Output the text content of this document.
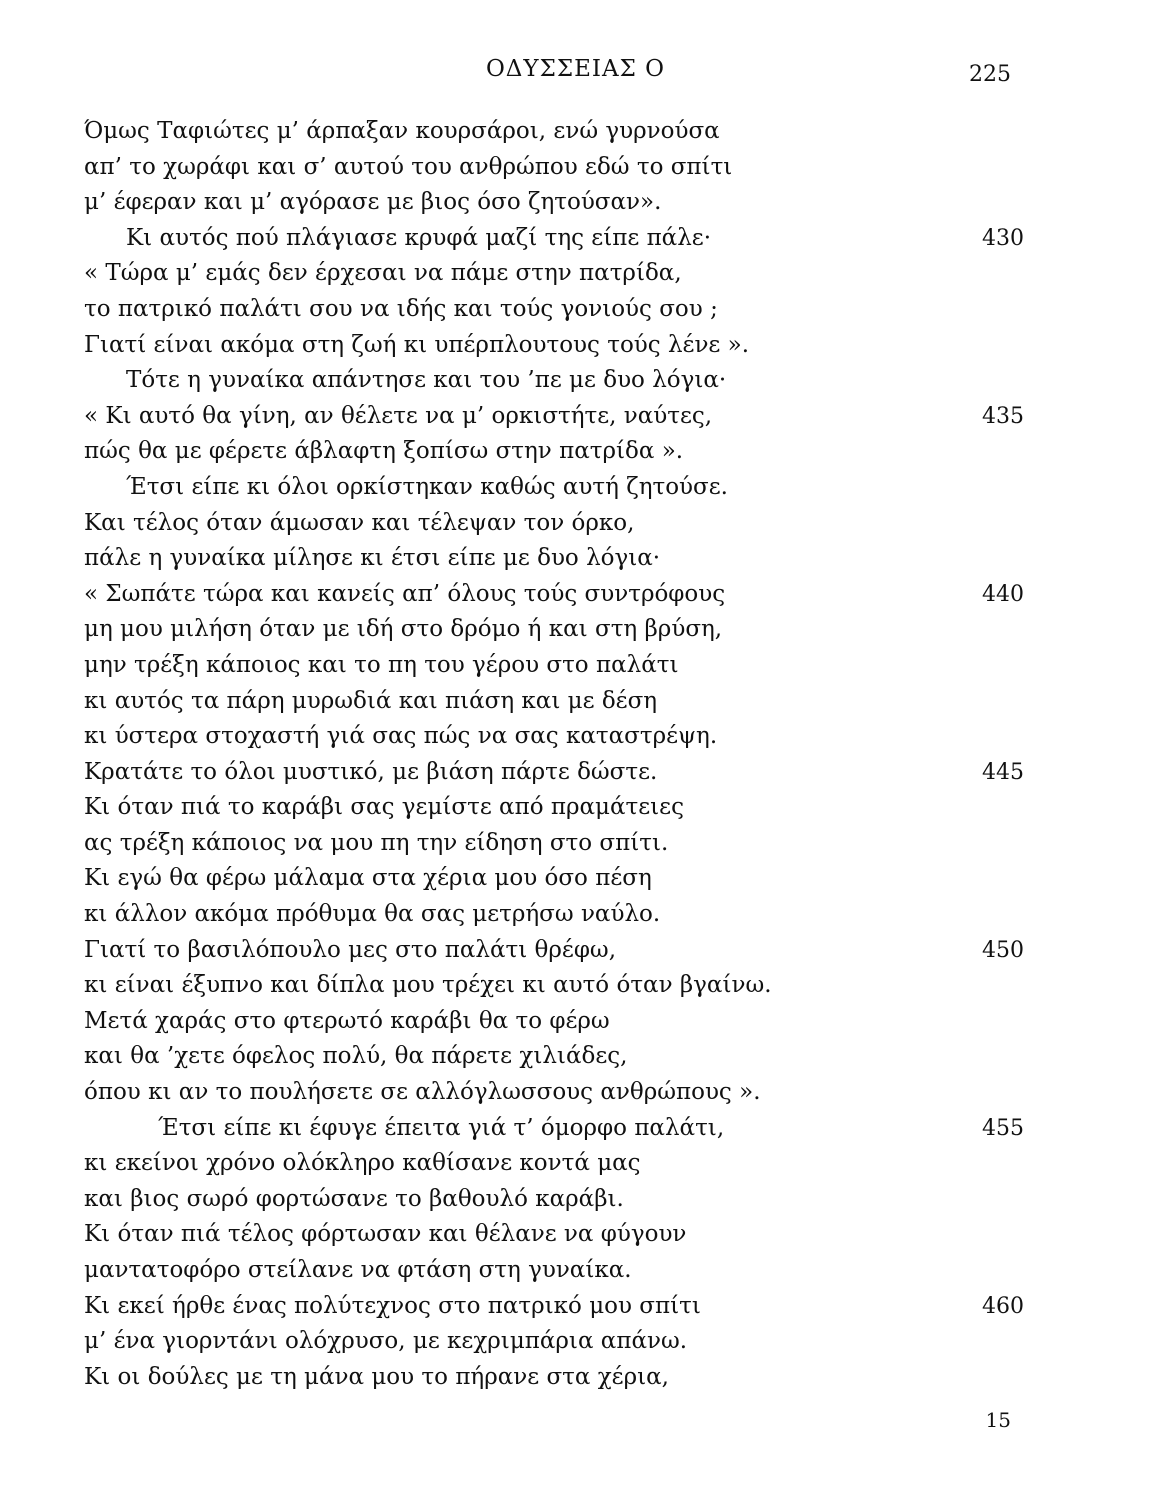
ΟΔΥΣΣΕΙΑΣ Ο	225
Όμως Ταφιώτες μ’ άρπαξαν κουρσάροι, ενώ γυρνούσα
απ’ το χωράφι και σ’ αυτού του ανθρώπου εδώ το σπίτι
μ’ έφεραν και μ’ αγόρασε με βιος όσο ζητούσαν».
Κι αυτός πού πλάγιασε κρυφά μαζί της είπε πάλε·	430
« Τώρα μ’ εμάς δεν έρχεσαι να πάμε στην πατρίδα,
το πατρικό παλάτι σου να ιδής και τούς γονιούς σου ;
Γιατί είναι ακόμα στη ζωή κι υπέρπλουτους τούς λένε ».
Τότε η γυναίκα απάντησε και του ’πε με δυο λόγια·
« Κι αυτό θα γίνη, αν θέλετε να μ’ ορκιστήτε, ναύτες,	435
πώς θα με φέρετε άβλαφτη ξοπίσω στην πατρίδα ».
Έτσι είπε κι όλοι ορκίστηκαν καθώς αυτή ζητούσε.
Και τέλος όταν άμωσαν και τέλεψαν τον όρκο,
πάλε η γυναίκα μίλησε κι έτσι είπε με δυο λόγια·
« Σωπάτε τώρα και κανείς απ’ όλους τούς συντρόφους	440
μη μου μιλήση όταν με ιδή στο δρόμο ή και στη βρύση,
μην τρέξη κάποιος και το πη του γέρου στο παλάτι
κι αυτός τα πάρη μυρωδιά και πιάση και με δέση
κι ύστερα στοχαστή γιά σας πώς να σας καταστρέψη.
Κρατάτε το όλοι μυστικό, με βιάση πάρτε δώστε.	445
Κι όταν πιά το καράβι σας γεμίστε από πραμάτειες
ας τρέξη κάποιος να μου πη την είδηση στο σπίτι.
Κι εγώ θα φέρω μάλαμα στα χέρια μου όσο πέση
κι άλλον ακόμα πρόθυμα θα σας μετρήσω ναύλο.
Γιατί το βασιλόπουλο μες στο παλάτι θρέφω,	450
κι είναι έξυπνο και δίπλα μου τρέχει κι αυτό όταν βγαίνω.
Μετά χαράς στο φτερωτό καράβι θα το φέρω
και θα ’χετε όφελος πολύ, θα πάρετε χιλιάδες,
όπου κι αν το πουλήσετε σε αλλόγλωσσους ανθρώπους ».
Έτσι είπε κι έφυγε έπειτα γιά τ’ όμορφο παλάτι,	455
κι εκείνοι χρόνο ολόκληρο καθίσανε κοντά μας
και βιος σωρό φορτώσανε το βαθουλό καράβι.
Κι όταν πιά τέλος φόρτωσαν και θέλανε να φύγουν
μαντατοφόρο στείλανε να φτάση στη γυναίκα.
Κι εκεί ήρθε ένας πολύτεχνος στο πατρικό μου σπίτι	460
μ’ ένα γιορντάνι ολόχρυσο, με κεχριμπάρια απάνω.
Κι οι δούλες με τη μάνα μου το πήρανε στα χέρια,
15
